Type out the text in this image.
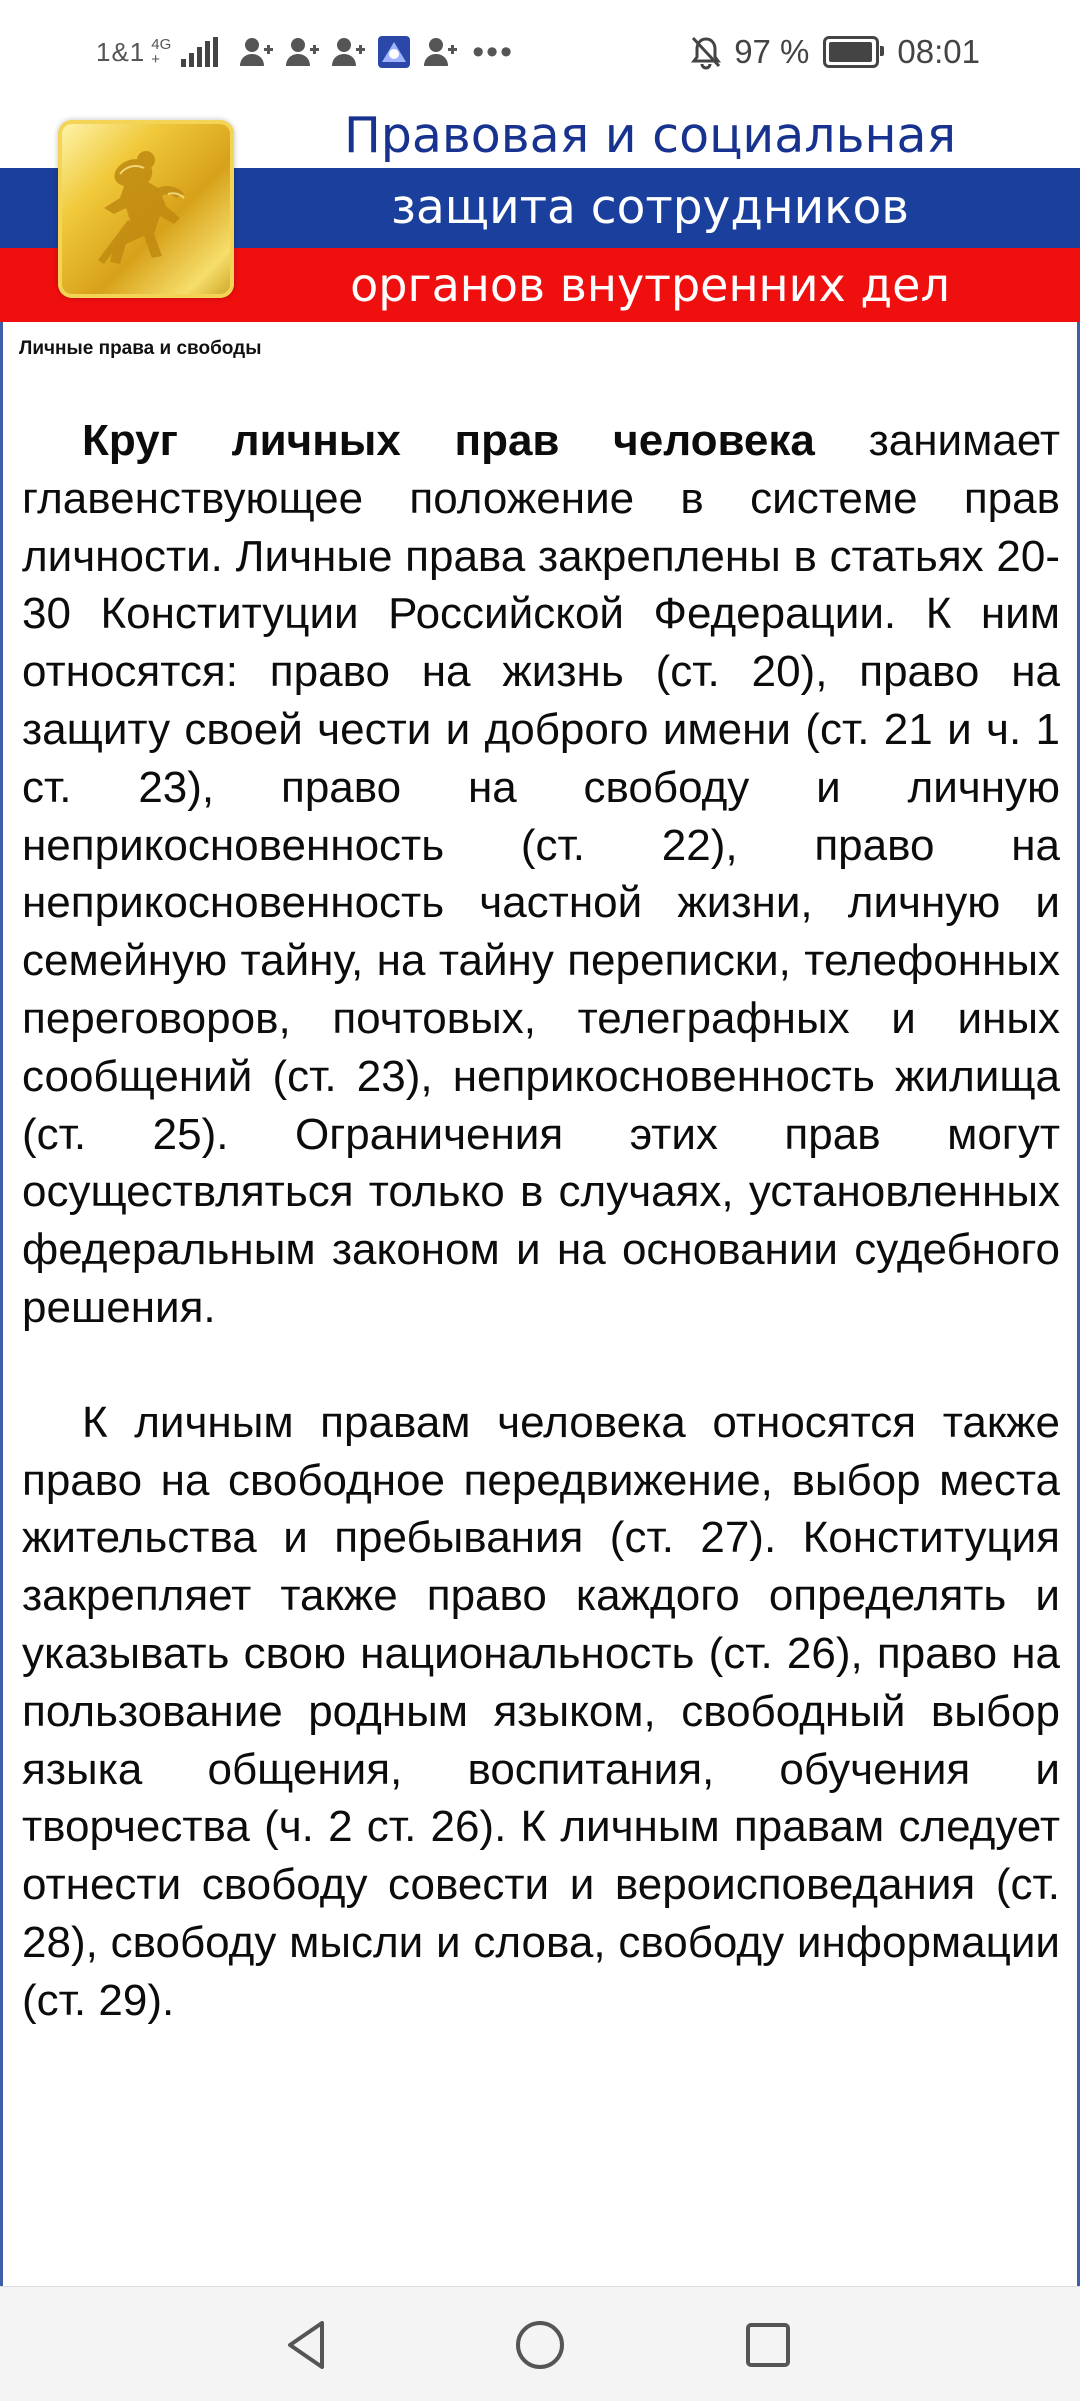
1&1 4G
+	•••	97 %	08:01
Правовая и социальная
защита сотрудников
органов внутренних дел
Личные права и свободы

Круг личных прав человека занимает главенствующее положение в системе прав личности. Личные права закреплены в статьях 20-30 Конституции Российской Федерации. К ним относятся: право на жизнь (ст. 20), право на защиту своей чести и доброго имени (ст. 21 и ч. 1 ст. 23), право на свободу и личную неприкосновенность (ст. 22), право на неприкосновенность частной жизни, личную и семейную тайну, на тайну переписки, телефонных переговоров, почтовых, телеграфных и иных сообщений (ст. 23), неприкосновенность жилища (ст. 25). Ограничения этих прав могут осуществляться только в случаях, установленных федеральным законом и на основании судебного решения.

К личным правам человека относятся также право на свободное передвижение, выбор места жительства и пребывания (ст. 27). Конституция закрепляет также право каждого определять и указывать свою национальность (ст. 26), право на пользование родным языком, свободный выбор языка общения, воспитания, обучения и творчества (ч. 2 ст. 26). К личным правам следует отнести свободу совести и вероисповедания (ст. 28), свободу мысли и слова, свободу информации (ст. 29).
